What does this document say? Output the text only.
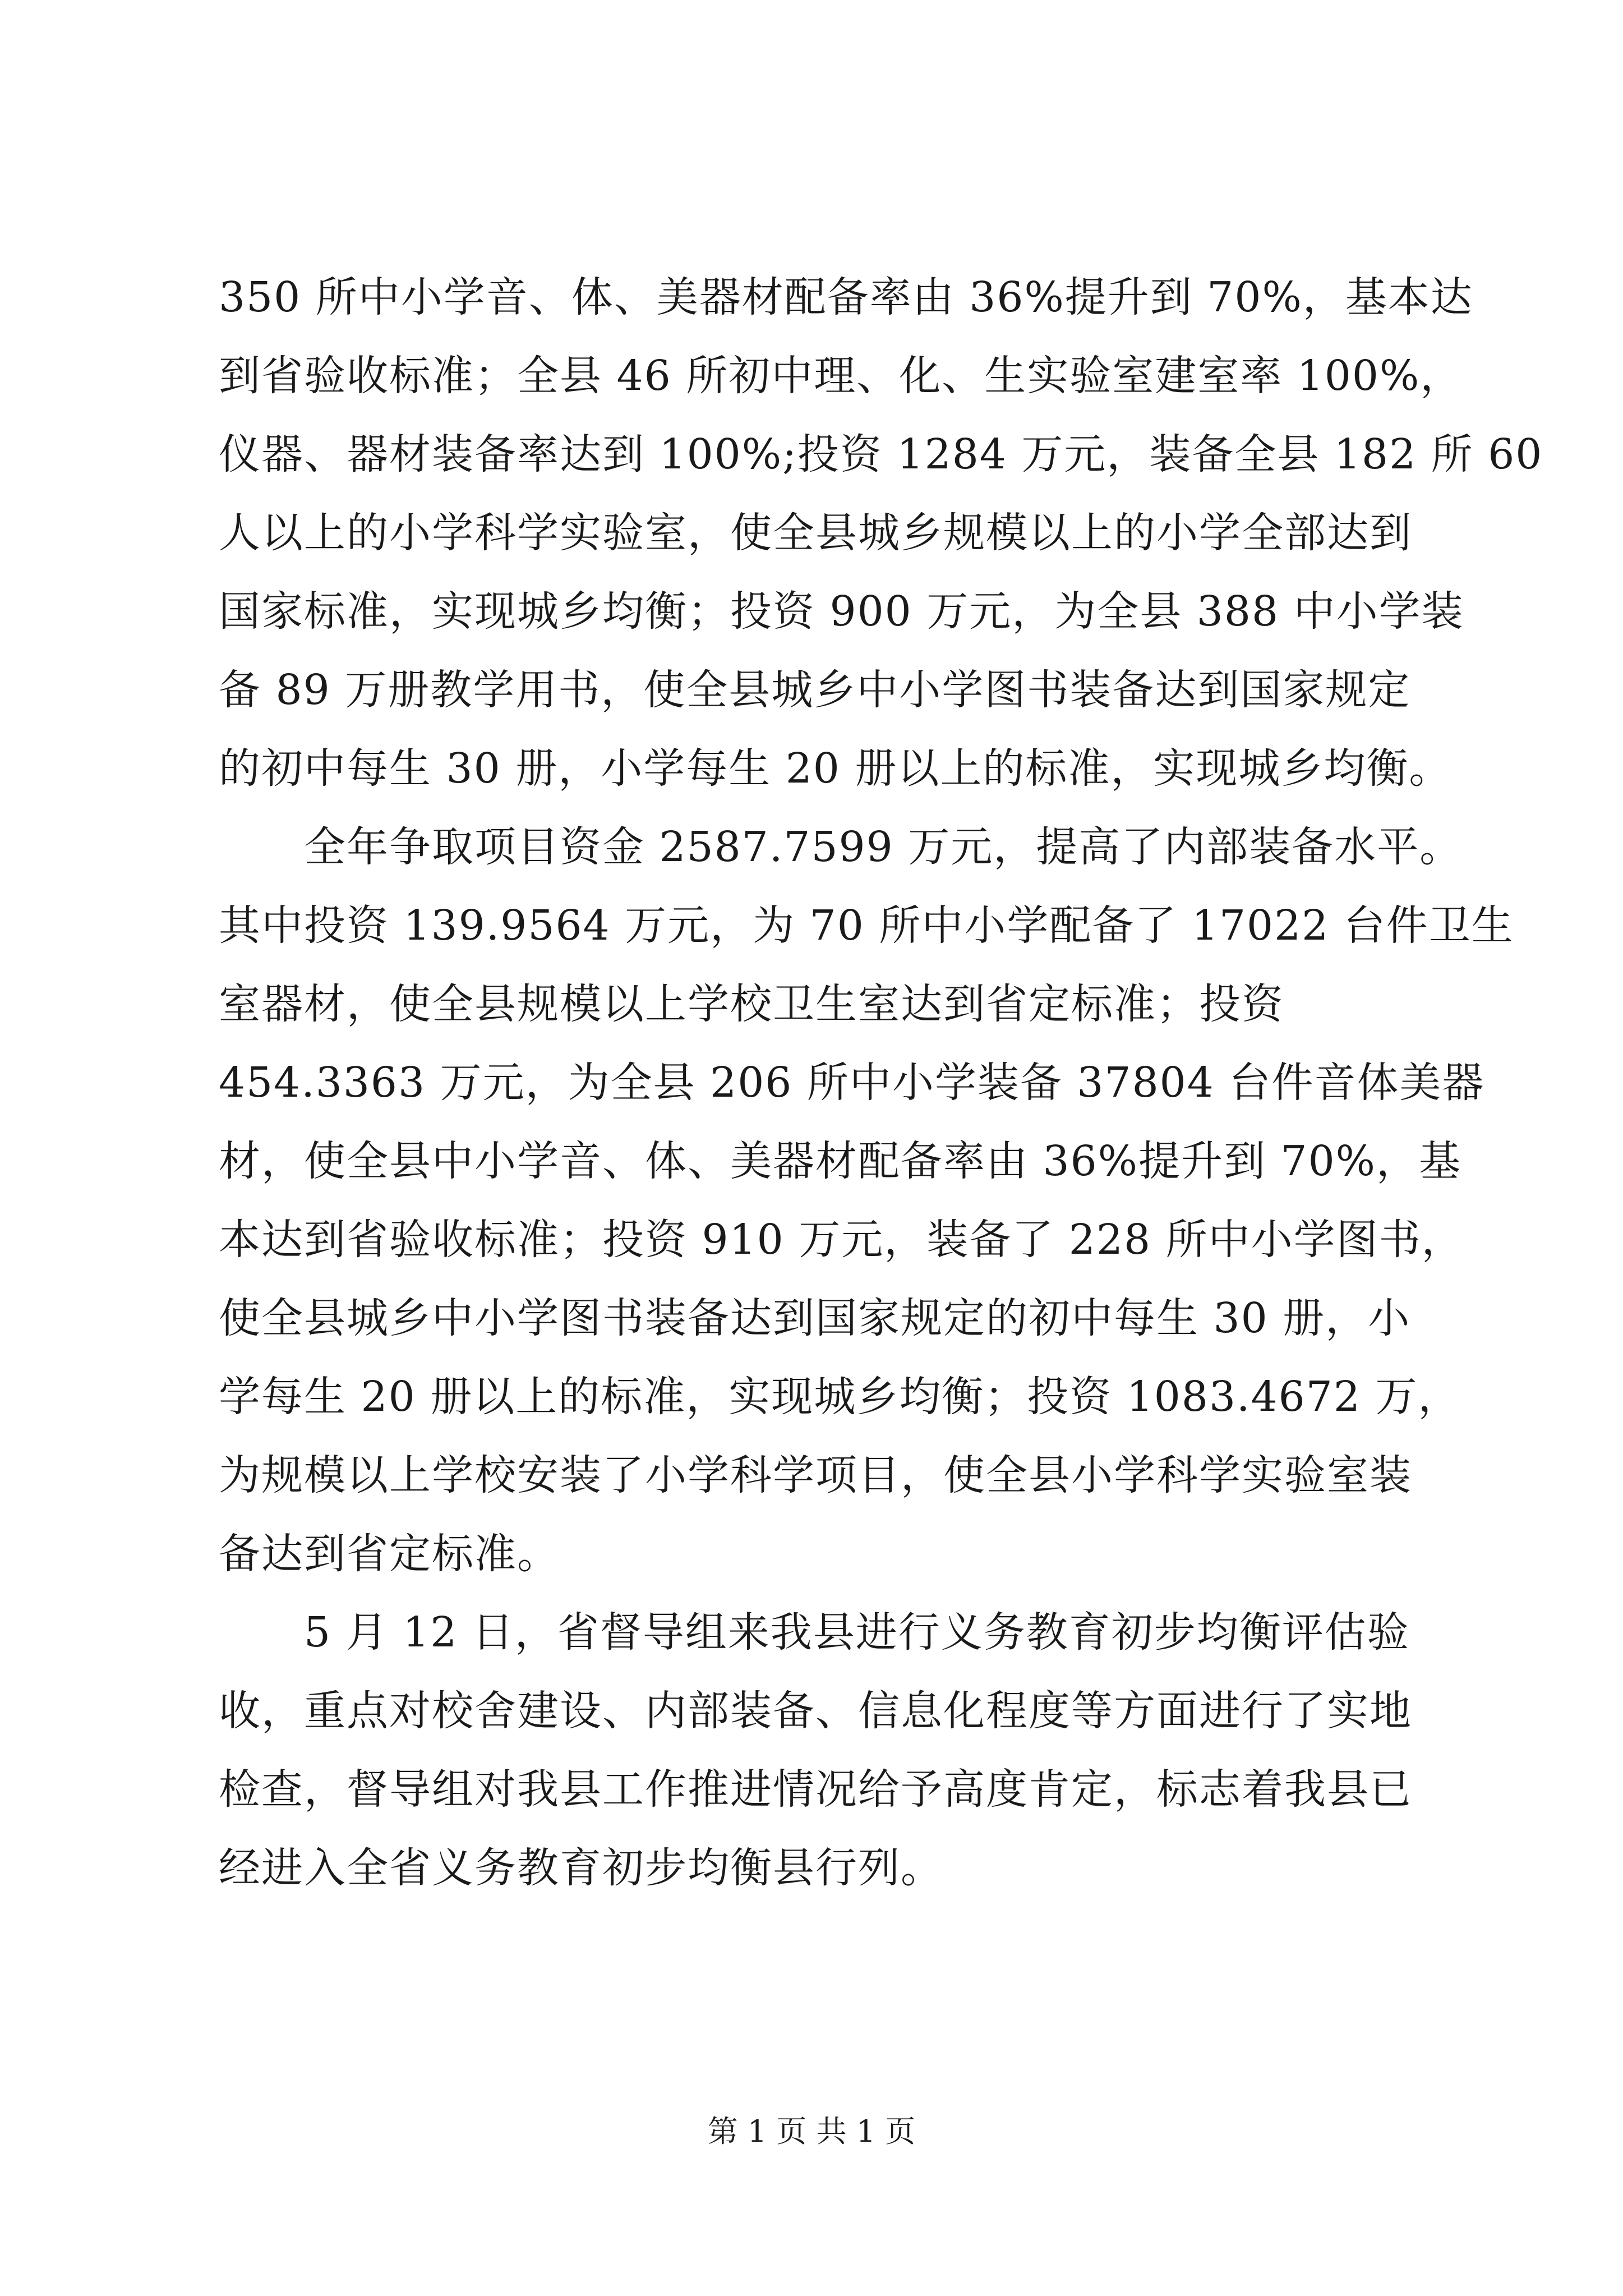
350 所中小学音、体、美器材配备率由 36%提升到 70%，基本达
到省验收标准；全县 46 所初中理、化、生实验室建室率 100%，
仪器、器材装备率达到 100%;投资 1284 万元，装备全县 182 所 60
人以上的小学科学实验室，使全县城乡规模以上的小学全部达到
国家标准，实现城乡均衡；投资 900 万元，为全县 388 中小学装
备 89 万册教学用书，使全县城乡中小学图书装备达到国家规定
的初中每生 30 册，小学每生 20 册以上的标准，实现城乡均衡。
　　全年争取项目资金 2587.7599 万元，提高了内部装备水平。
其中投资 139.9564 万元，为 70 所中小学配备了 17022 台件卫生
室器材，使全县规模以上学校卫生室达到省定标准；投资
454.3363 万元，为全县 206 所中小学装备 37804 台件音体美器
材，使全县中小学音、体、美器材配备率由 36%提升到 70%，基
本达到省验收标准；投资 910 万元，装备了 228 所中小学图书，
使全县城乡中小学图书装备达到国家规定的初中每生 30 册，小
学每生 20 册以上的标准，实现城乡均衡；投资 1083.4672 万，
为规模以上学校安装了小学科学项目，使全县小学科学实验室装
备达到省定标准。
　　5 月 12 日，省督导组来我县进行义务教育初步均衡评估验
收，重点对校舍建设、内部装备、信息化程度等方面进行了实地
检查，督导组对我县工作推进情况给予高度肯定，标志着我县已
经进入全省义务教育初步均衡县行列。
第 1 页 共 1 页
